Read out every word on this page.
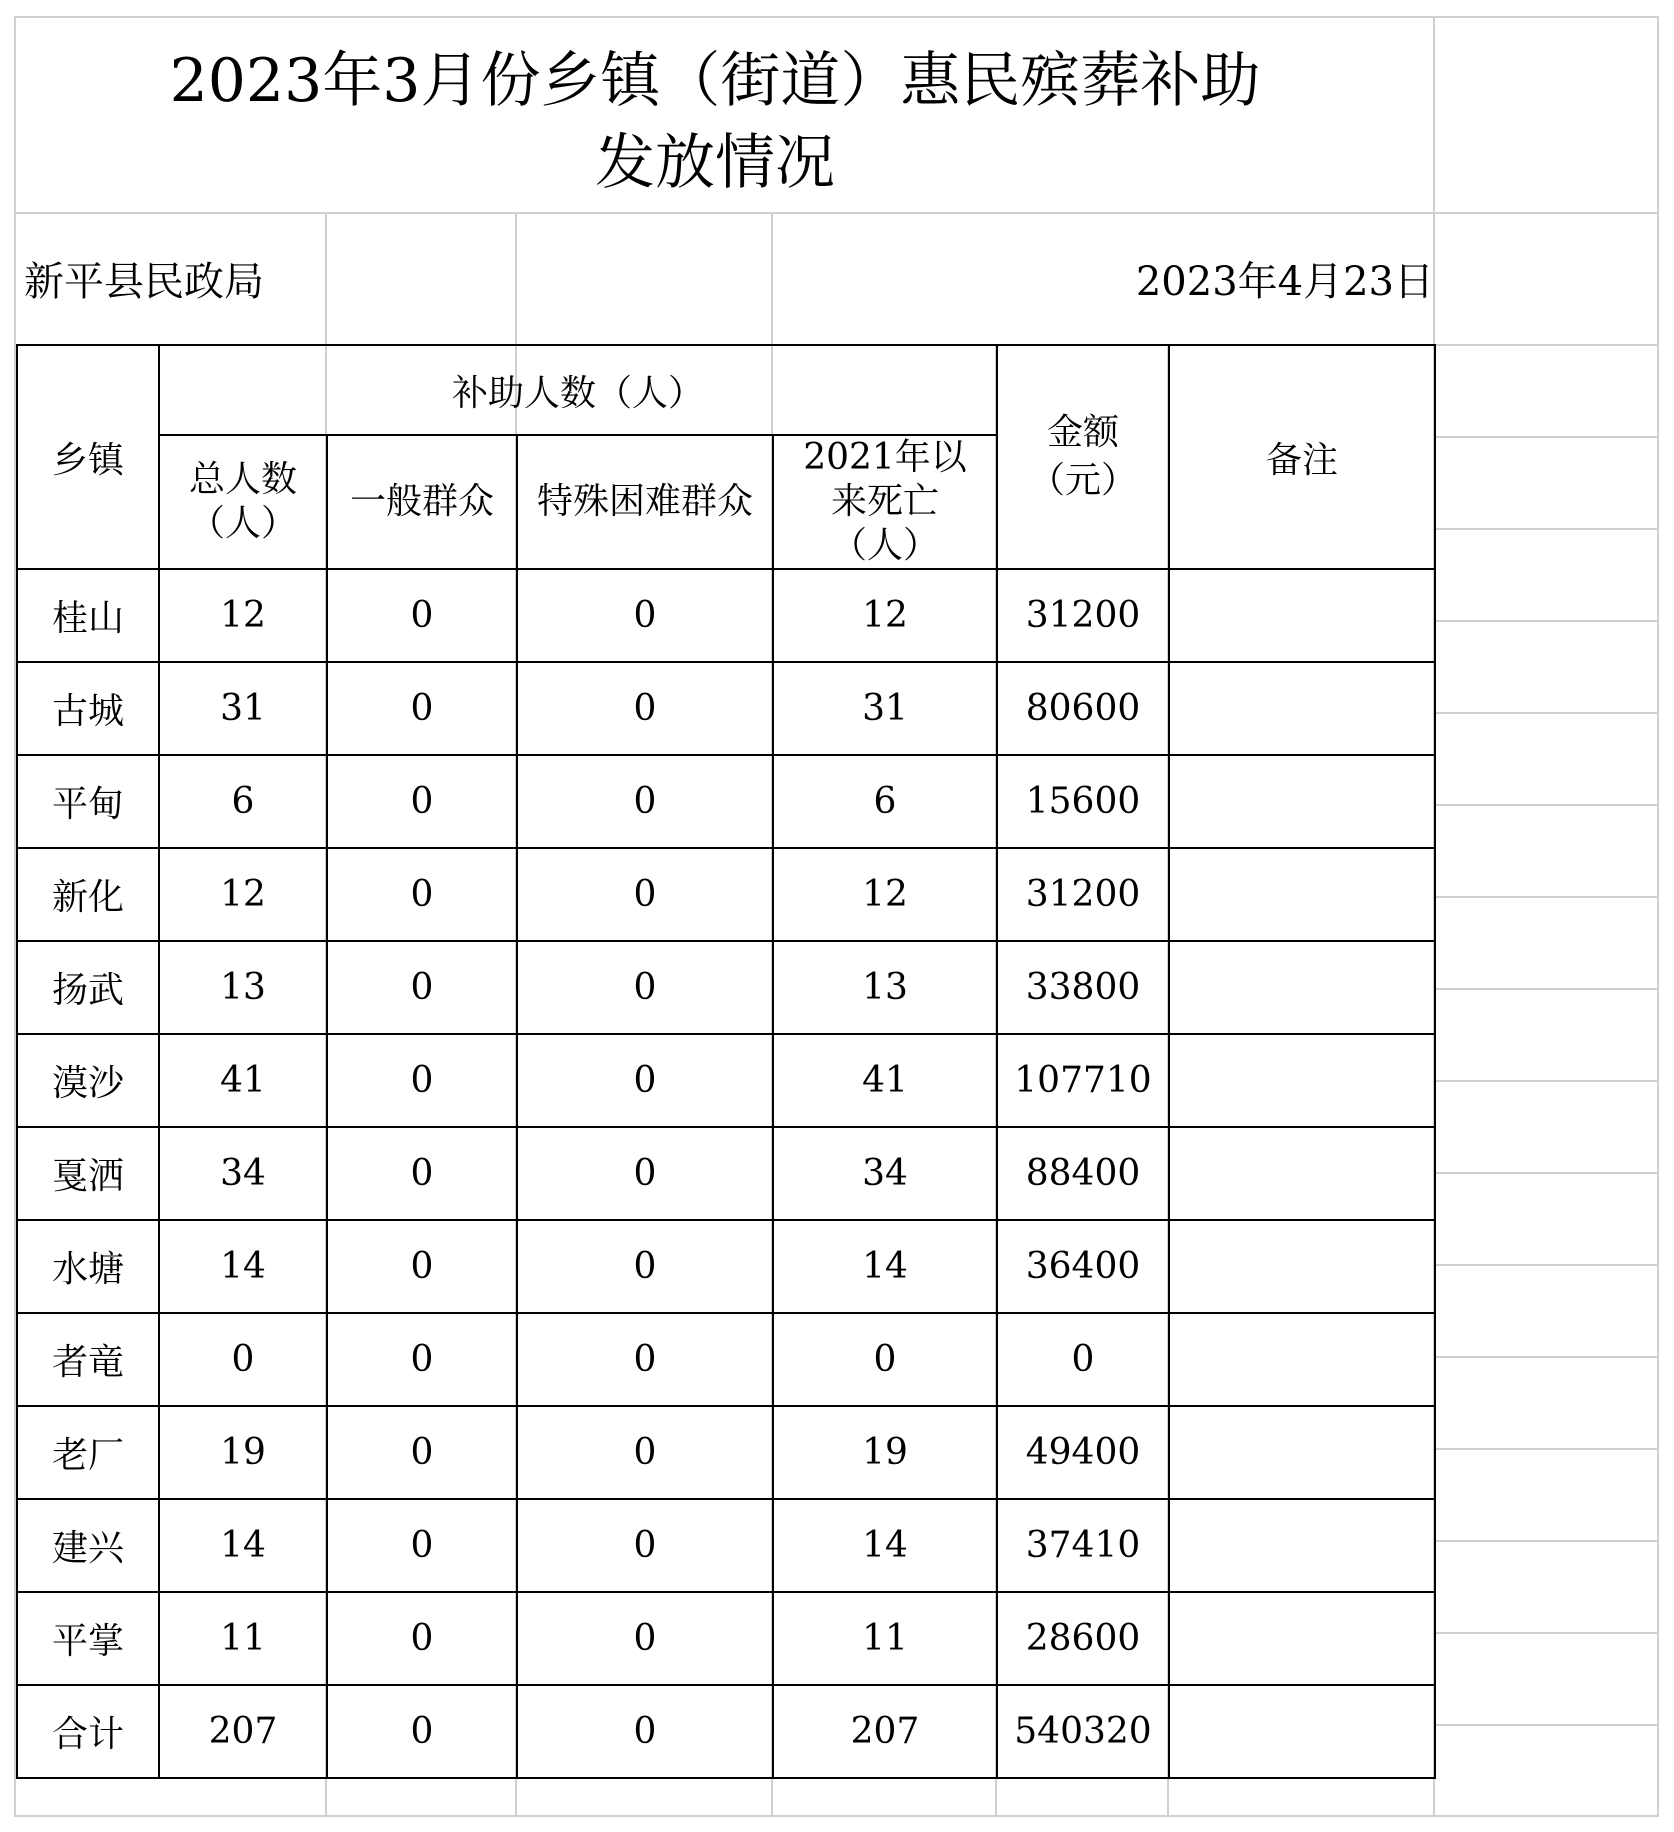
2023年3月份乡镇（街道）惠民殡葬补助
发放情况
新平县民政局	2023年4月23日
乡镇	补助人数（人）				金额（元）	备注
	总人数（人）	一般群众	特殊困难群众	2021年以来死亡（人）		
桂山	12	0	0	12	31200	
古城	31	0	0	31	80600	
平甸	6	0	0	6	15600	
新化	12	0	0	12	31200	
扬武	13	0	0	13	33800	
漠沙	41	0	0	41	107710	
戛洒	34	0	0	34	88400	
水塘	14	0	0	14	36400	
者竜	0	0	0	0	0	
老厂	19	0	0	19	49400	
建兴	14	0	0	14	37410	
平掌	11	0	0	11	28600	
合计	207	0	0	207	540320	
